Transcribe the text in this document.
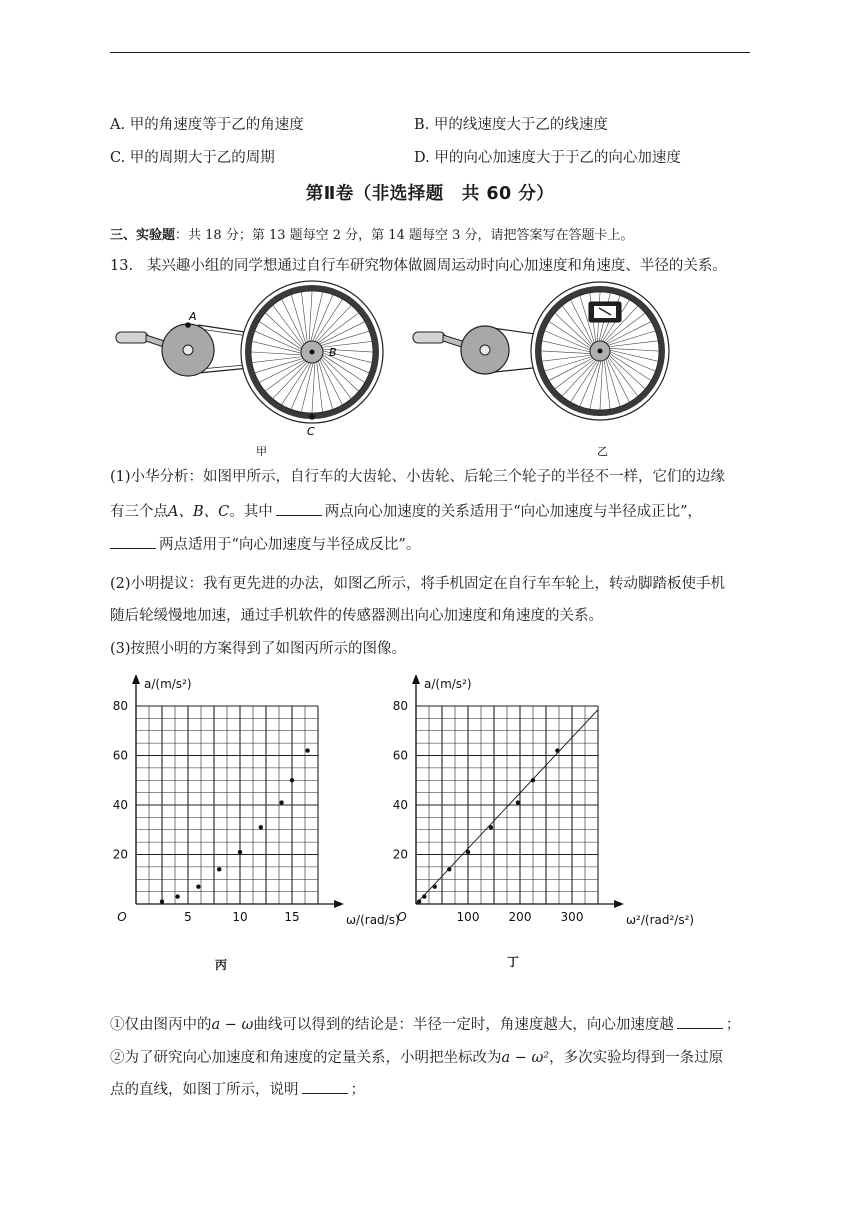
A. 甲的角速度等于乙的角速度	B. 甲的线速度大于乙的线速度
C. 甲的周期大于乙的周期	D. 甲的向心加速度大于于乙的向心加速度
第Ⅱ卷（非选择题　共 60 分）
三、实验题：共 18 分；第 13 题每空 2 分，第 14 题每空 3 分，请把答案写在答题卡上。
13. 某兴趣小组的同学想通过自行车研究物体做圆周运动时向心加速度和角速度、半径的关系。
A
B
C
甲	乙
(1)小华分析：如图甲所示，自行车的大齿轮、小齿轮、后轮三个轮子的半径不一样，它们的边缘
有三个点A、B、C。其中	两点向心加速度的关系适用于“向心加速度与半径成正比”，
两点适用于“向心加速度与半径成反比”。
(2)小明提议：我有更先进的办法，如图乙所示，将手机固定在自行车车轮上，转动脚踏板使手机
随后轮缓慢地加速，通过手机软件的传感器测出向心加速度和角速度的关系。
(3)按照小明的方案得到了如图丙所示的图像。
20
40
60
80
5	10	15
O
a/(m/s²)
ω/(rad/s)
20
40
60
80
100 200 300
O
a/(m/s²)
ω²/(rad²/s²)
丙	丁
①仅由图丙中的a − ω曲线可以得到的结论是：半径一定时，角速度越大，向心加速度越	；
②为了研究向心加速度和角速度的定量关系，小明把坐标改为a − ω²，多次实验均得到一条过原
点的直线，如图丁所示，说明	；
